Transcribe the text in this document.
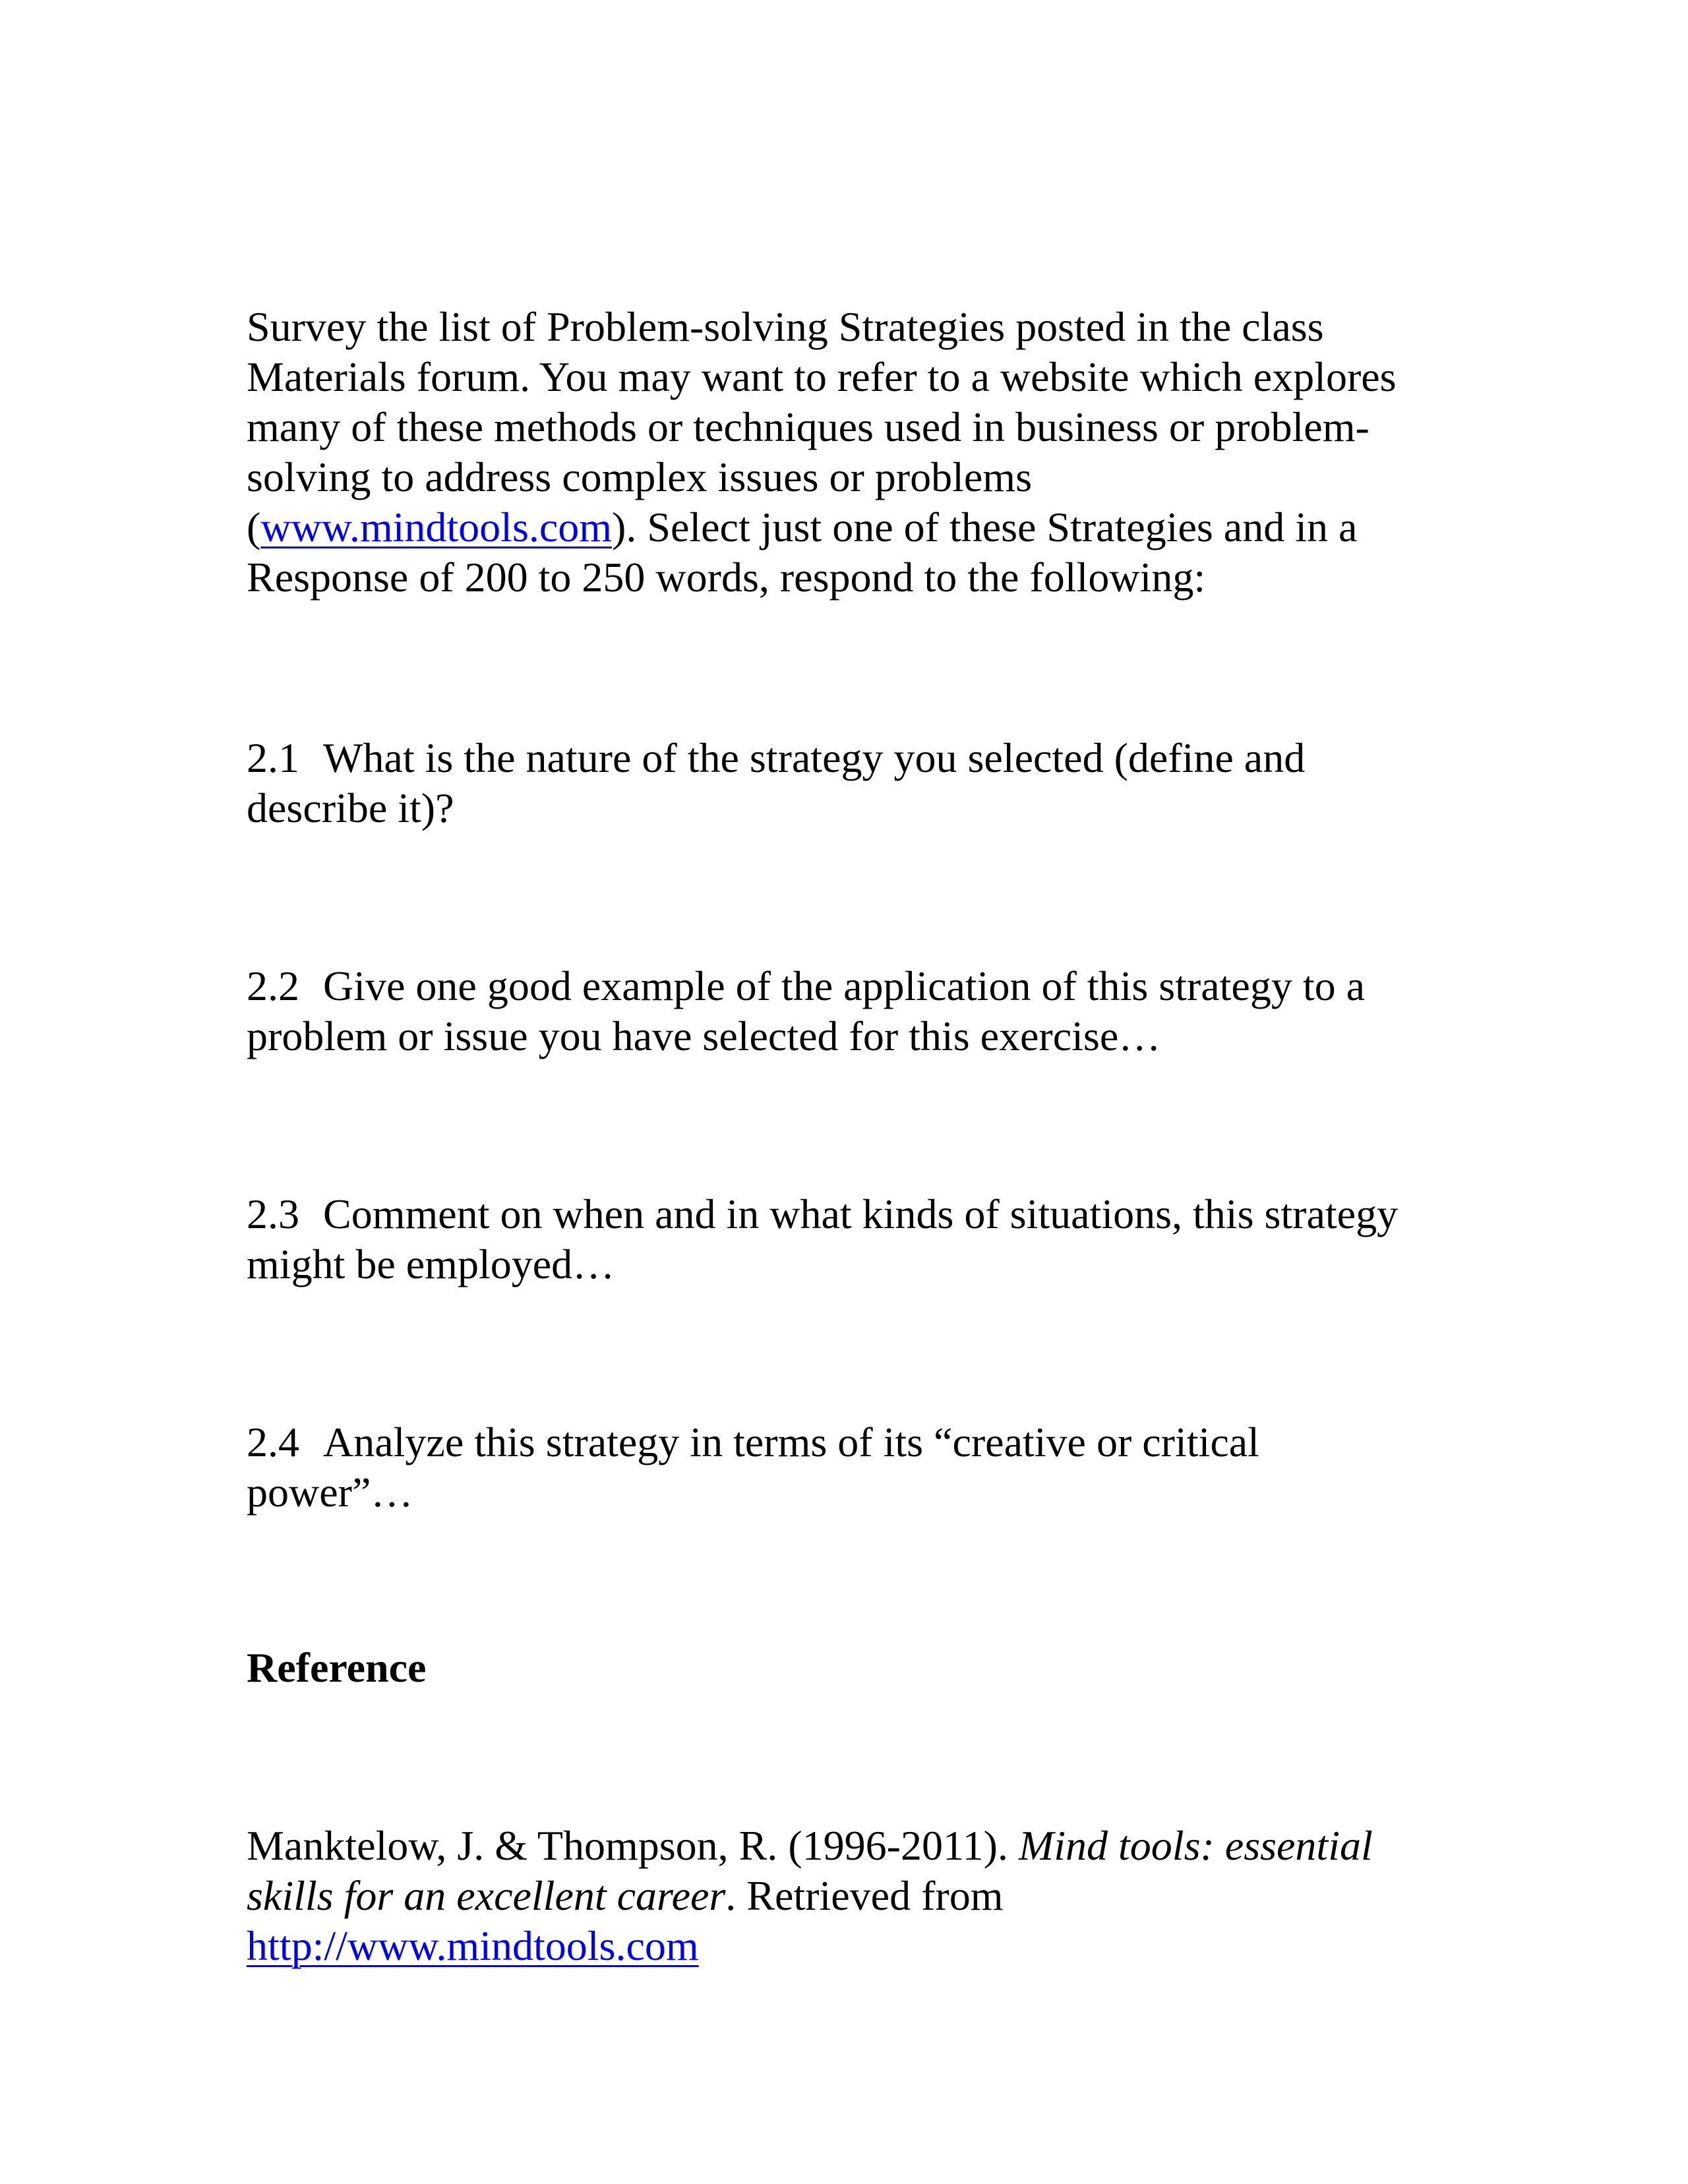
Survey the list of Problem-solving Strategies posted in the class
Materials forum. You may want to refer to a website which explores
many of these methods or techniques used in business or problem-
solving to address complex issues or problems
(www.mindtools.com). Select just one of these Strategies and in a
Response of 200 to 250 words, respond to the following:

2.1 What is the nature of the strategy you selected (define and
describe it)?

2.2 Give one good example of the application of this strategy to a
problem or issue you have selected for this exercise…

2.3 Comment on when and in what kinds of situations, this strategy
might be employed…

2.4 Analyze this strategy in terms of its “creative or critical
power”…

Reference

Manktelow, J. & Thompson, R. (1996-2011). Mind tools: essential
skills for an excellent career. Retrieved from
http://www.mindtools.com
